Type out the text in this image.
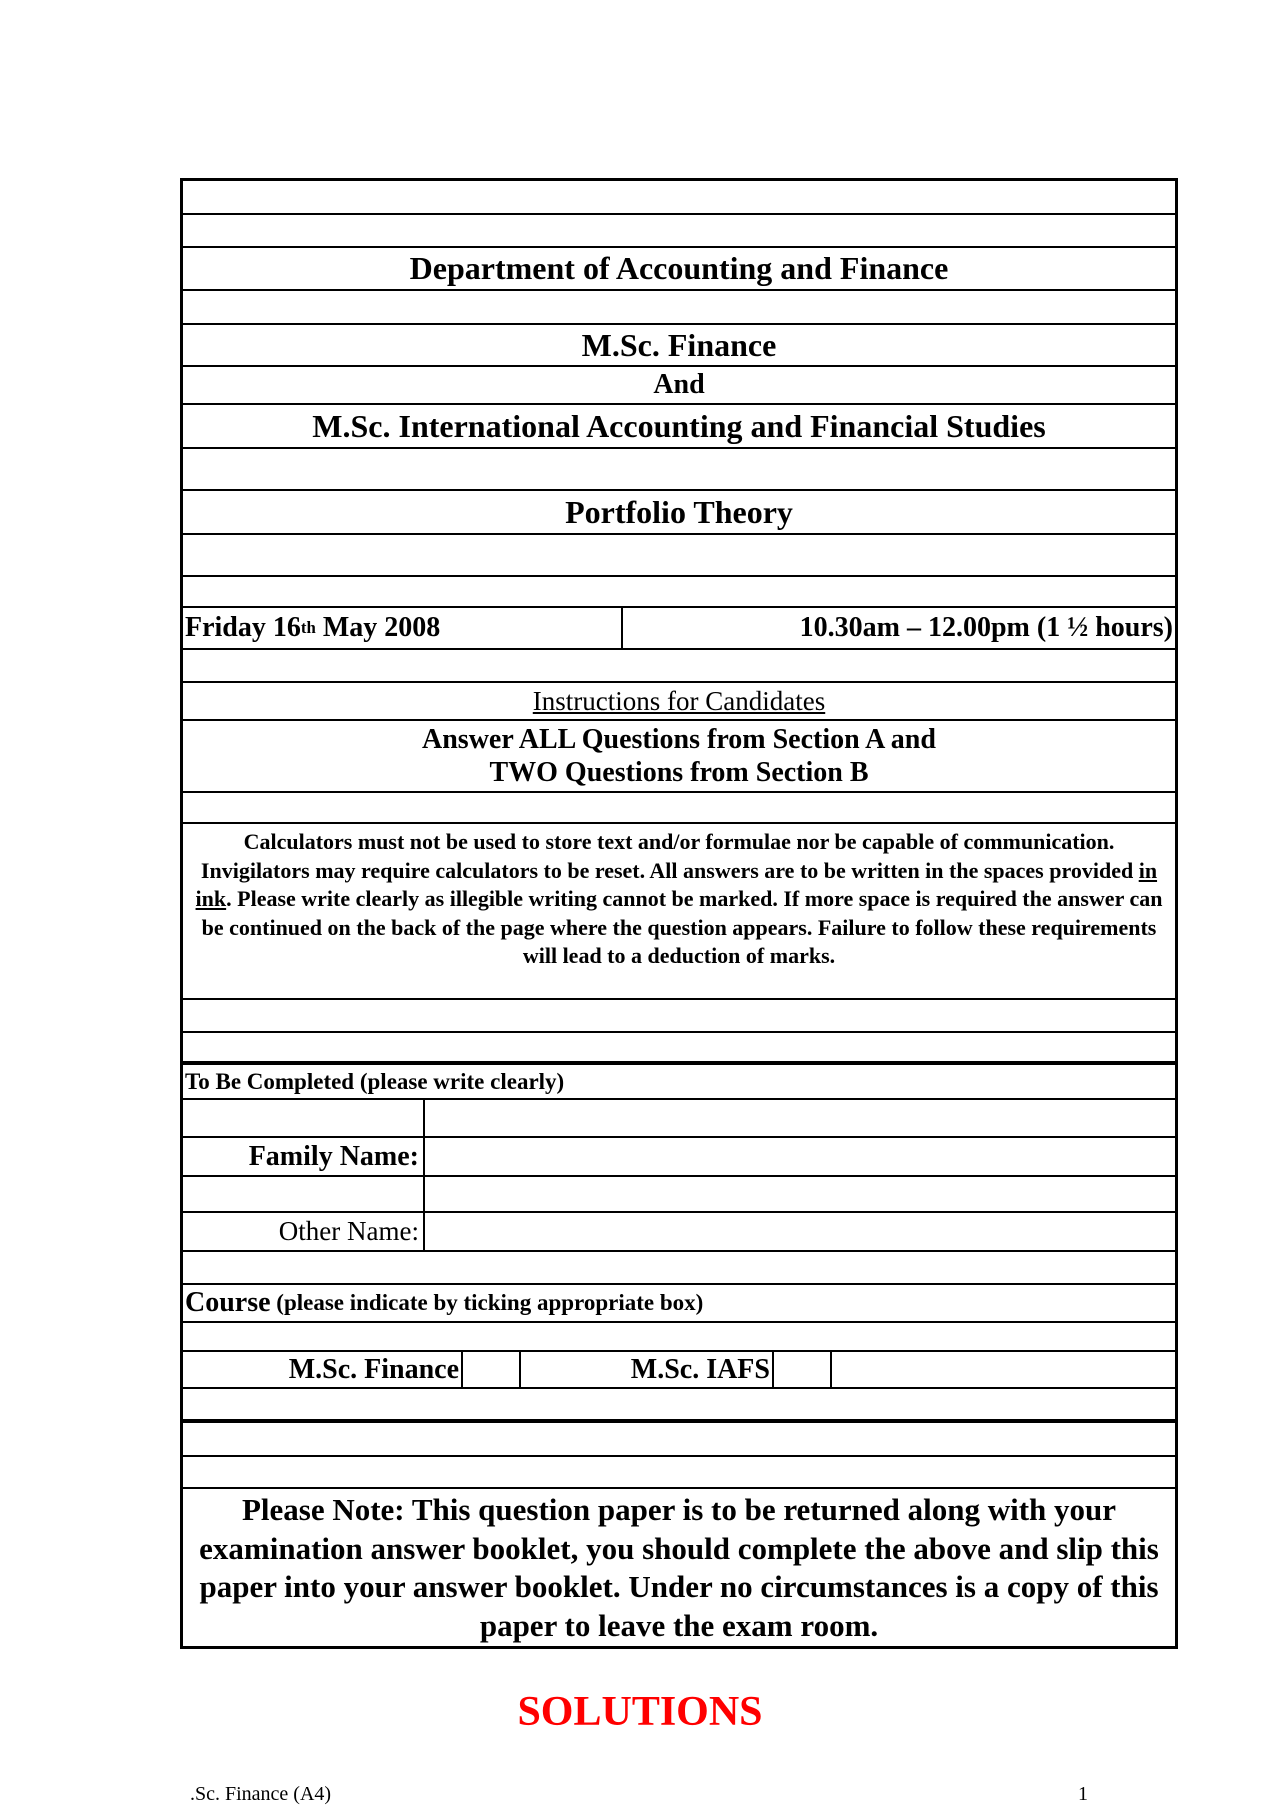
Department of Accounting and Finance
M.Sc. Finance
And
M.Sc. International Accounting and Financial Studies
Portfolio Theory
Friday 16 th May 2008	10.30am – 12.00pm (1 ½ hours)
Instructions for Candidates
Answer ALL Questions from Section A and
TWO Questions from Section B
Calculators must not be used to store text and/or formulae nor be capable of communication. Invigilators may require calculators to be reset. All answers are to be written in the spaces provided in ink. Please write clearly as illegible writing cannot be marked. If more space is required the answer can be continued on the back of the page where the question appears. Failure to follow these requirements will lead to a deduction of marks.
To Be Completed (please write clearly)
Family Name:
Other Name:
Course (please indicate by ticking appropriate box)
M.Sc. Finance	M.Sc. IAFS
Please Note: This question paper is to be returned along with your examination answer booklet, you should complete the above and slip this paper into your answer booklet. Under no circumstances is a copy of this paper to leave the exam room.
SOLUTIONS
.Sc. Finance (A4)	1
